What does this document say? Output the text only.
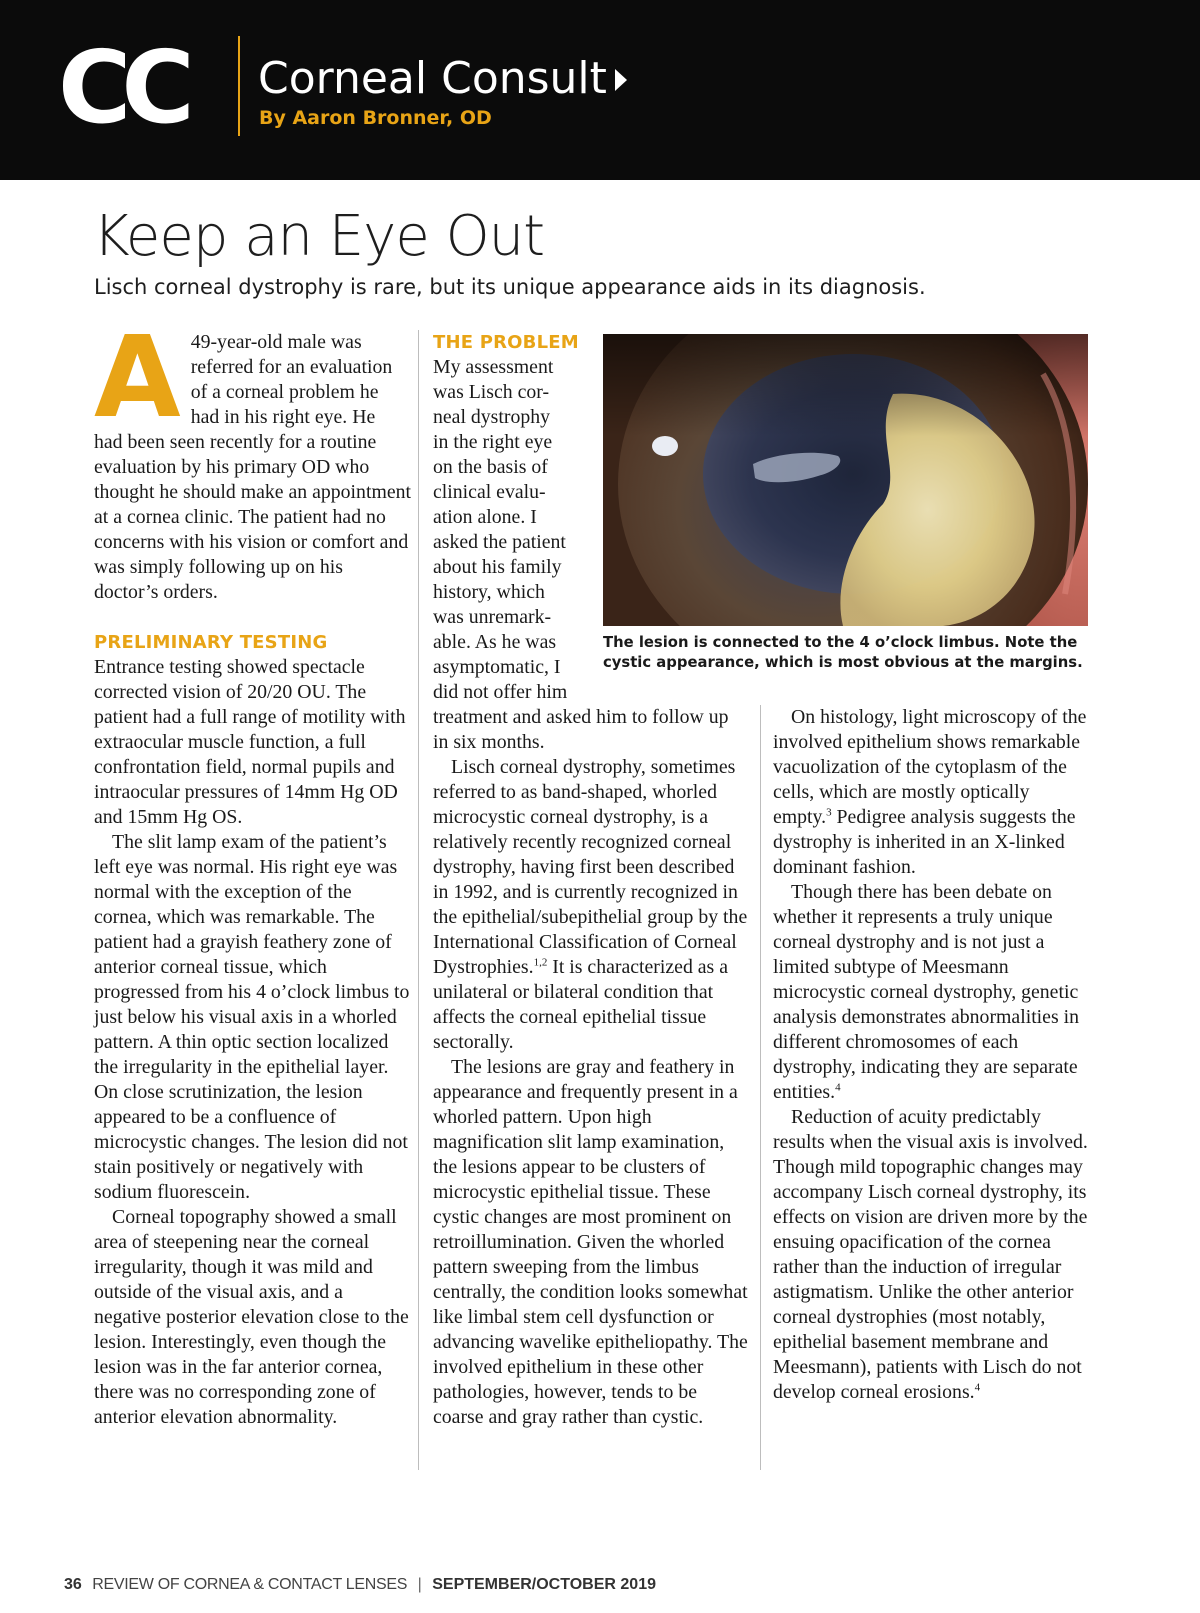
CC Corneal Consult
By Aaron Bronner, OD
Keep an Eye Out
Lisch corneal dystrophy is rare, but its unique appearance aids in its diagnosis.

A 49-year-old male was
referred for an evaluation
of a corneal problem he
had in his right eye. He
had been seen recently for a routine evaluation by his primary OD who thought he should make an appointment at a cornea clinic. The patient had no concerns with his vision or comfort and was simply following up on his doctor’s orders.

PRELIMINARY TESTING

Entrance testing showed spectacle corrected vision of 20/20 OU. The patient had a full range of motility with extraocular muscle function, a full confrontation field, normal pupils and intraocular pressures of 14mm Hg OD and 15mm Hg OS.

The slit lamp exam of the patient’s left eye was normal. His right eye was normal with the exception of the cornea, which was remarkable. The patient had a grayish feathery zone of anterior corneal tissue, which progressed from his 4 o’clock limbus to just below his visual axis in a whorled pattern. A thin optic section localized the irregularity in the epithelial layer. On close scrutinization, the lesion appeared to be a confluence of microcystic changes. The lesion did not stain positively or negatively with sodium fluorescein.

Corneal topography showed a small area of steepening near the corneal irregularity, though it was mild and outside of the visual axis, and a negative posterior elevation close to the lesion. Interestingly, even though the lesion was in the far anterior cornea, there was no corresponding zone of anterior elevation abnormality.

THE PROBLEM
My assessment
was Lisch cor-
neal dystrophy
in the right eye
on the basis of
clinical evalu-
ation alone. I
asked the patient
about his family
history, which
was unremark-
able. As he was
asymptomatic, I
did not offer him

treatment and asked him to follow up in six months.

Lisch corneal dystrophy, sometimes referred to as band-shaped, whorled microcystic corneal dystrophy, is a relatively recently recognized corneal dystrophy, having first been described in 1992, and is currently recognized in the epithelial/subepithelial group by the International Classification of Corneal Dystrophies.$^{1,2}$ It is characterized as a unilateral or bilateral condition that affects the corneal epithelial tissue sectorally.

The lesions are gray and feathery in appearance and frequently present in a whorled pattern. Upon high magnification slit lamp examination, the lesions appear to be clusters of microcystic epithelial tissue. These cystic changes are most prominent on retroillumination. Given the whorled pattern sweeping from the limbus centrally, the condition looks somewhat like limbal stem cell dysfunction or advancing wavelike epitheliopathy. The involved epithelium in these other pathologies, however, tends to be coarse and gray rather than cystic.

On histology, light microscopy of the involved epithelium shows remarkable vacuolization of the cytoplasm of the cells, which are mostly optically empty.$^3$ Pedigree analysis suggests the dystrophy is inherited in an X-linked dominant fashion.

Though there has been debate on whether it represents a truly unique corneal dystrophy and is not just a limited subtype of Meesmann microcystic corneal dystrophy, genetic analysis demonstrates abnormalities in different chromosomes of each dystrophy, indicating they are separate entities.$^4$

Reduction of acuity predictably results when the visual axis is involved. Though mild topographic changes may accompany Lisch corneal dystrophy, its effects on vision are driven more by the ensuing opacification of the cornea rather than the induction of irregular astigmatism. Unlike the other anterior corneal dystrophies (most notably, epithelial basement membrane and Meesmann), patients with Lisch do not develop corneal erosions.$^4$

The lesion is connected to the 4 o’clock limbus. Note the cystic appearance, which is most obvious at the margins.
36 REVIEW OF CORNEA & CONTACT LENSES | SEPTEMBER/OCTOBER 2019
